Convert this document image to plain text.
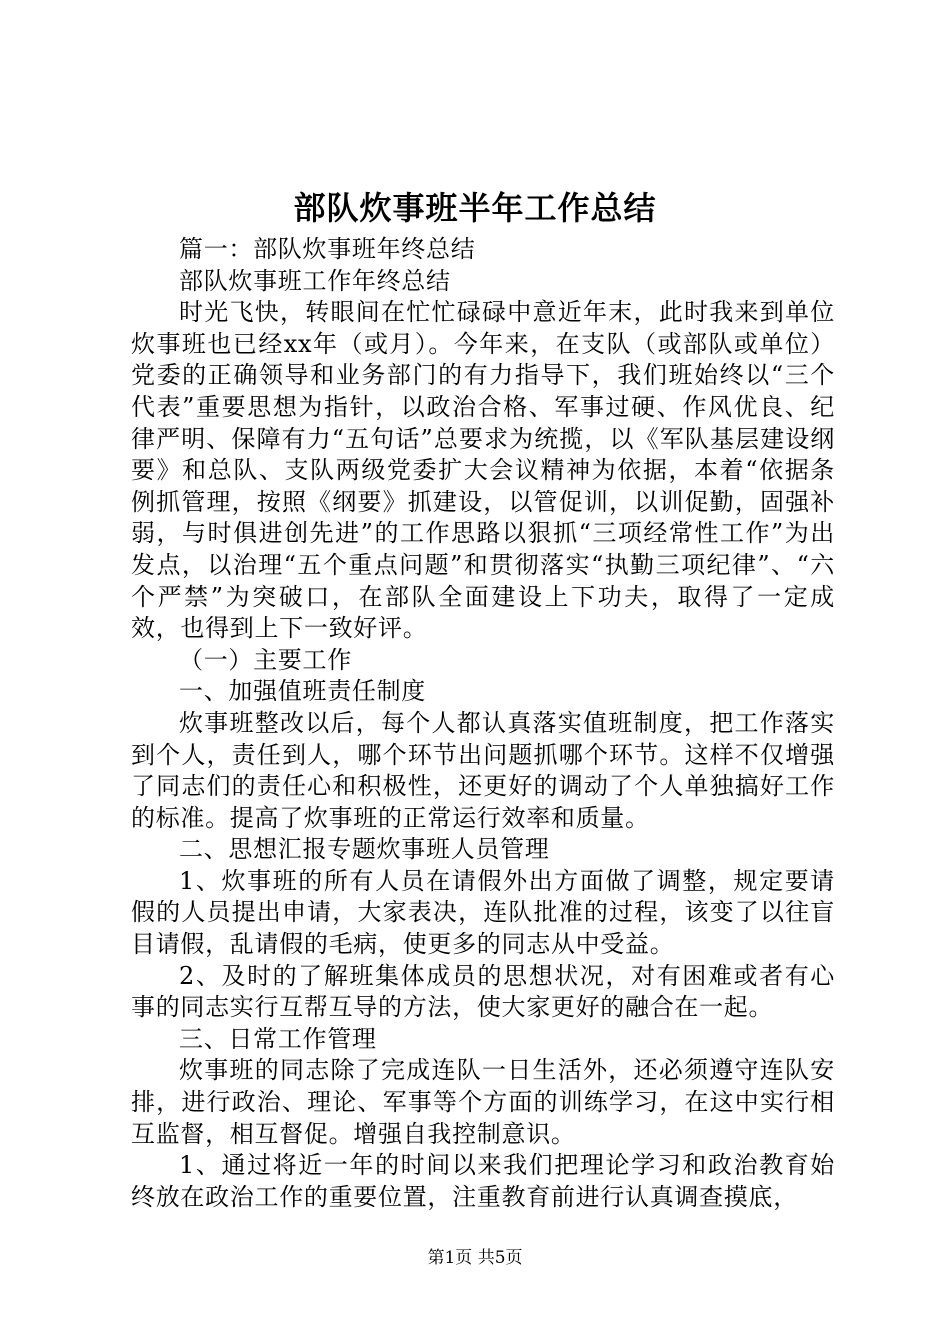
部队炊事班半年工作总结

篇一：部队炊事班年终总结

部队炊事班工作年终总结

时光飞快，转眼间在忙忙碌碌中意近年末，此时我来到单位炊事班也已经xx年（或月）。今年来，在支队（或部队或单位）党委的正确领导和业务部门的有力指导下，我们班始终以“三个代表”重要思想为指针，以政治合格、军事过硬、作风优良、纪律严明、保障有力“五句话”总要求为统揽，以《军队基层建设纲要》和总队、支队两级党委扩大会议精神为依据，本着“依据条例抓管理，按照《纲要》抓建设，以管促训，以训促勤，固强补弱，与时俱进创先进”的工作思路以狠抓“三项经常性工作”为出发点，以治理“五个重点问题”和贯彻落实“执勤三项纪律”、“六个严禁”为突破口，在部队全面建设上下功夫，取得了一定成效，也得到上下一致好评。

（一）主要工作

一、加强值班责任制度

炊事班整改以后，每个人都认真落实值班制度，把工作落实到个人，责任到人，哪个环节出问题抓哪个环节。这样不仅增强了同志们的责任心和积极性，还更好的调动了个人单独搞好工作的标准。提高了炊事班的正常运行效率和质量。

二、思想汇报专题炊事班人员管理

1、炊事班的所有人员在请假外出方面做了调整，规定要请假的人员提出申请，大家表决，连队批准的过程，该变了以往盲目请假，乱请假的毛病，使更多的同志从中受益。

2、及时的了解班集体成员的思想状况，对有困难或者有心事的同志实行互帮互导的方法，使大家更好的融合在一起。

三、日常工作管理

炊事班的同志除了完成连队一日生活外，还必须遵守连队安排，进行政治、理论、军事等个方面的训练学习，在这中实行相互监督，相互督促。增强自我控制意识。

1、通过将近一年的时间以来我们把理论学习和政治教育始终放在政治工作的重要位置，注重教育前进行认真调查摸底，

第1页 共5页
